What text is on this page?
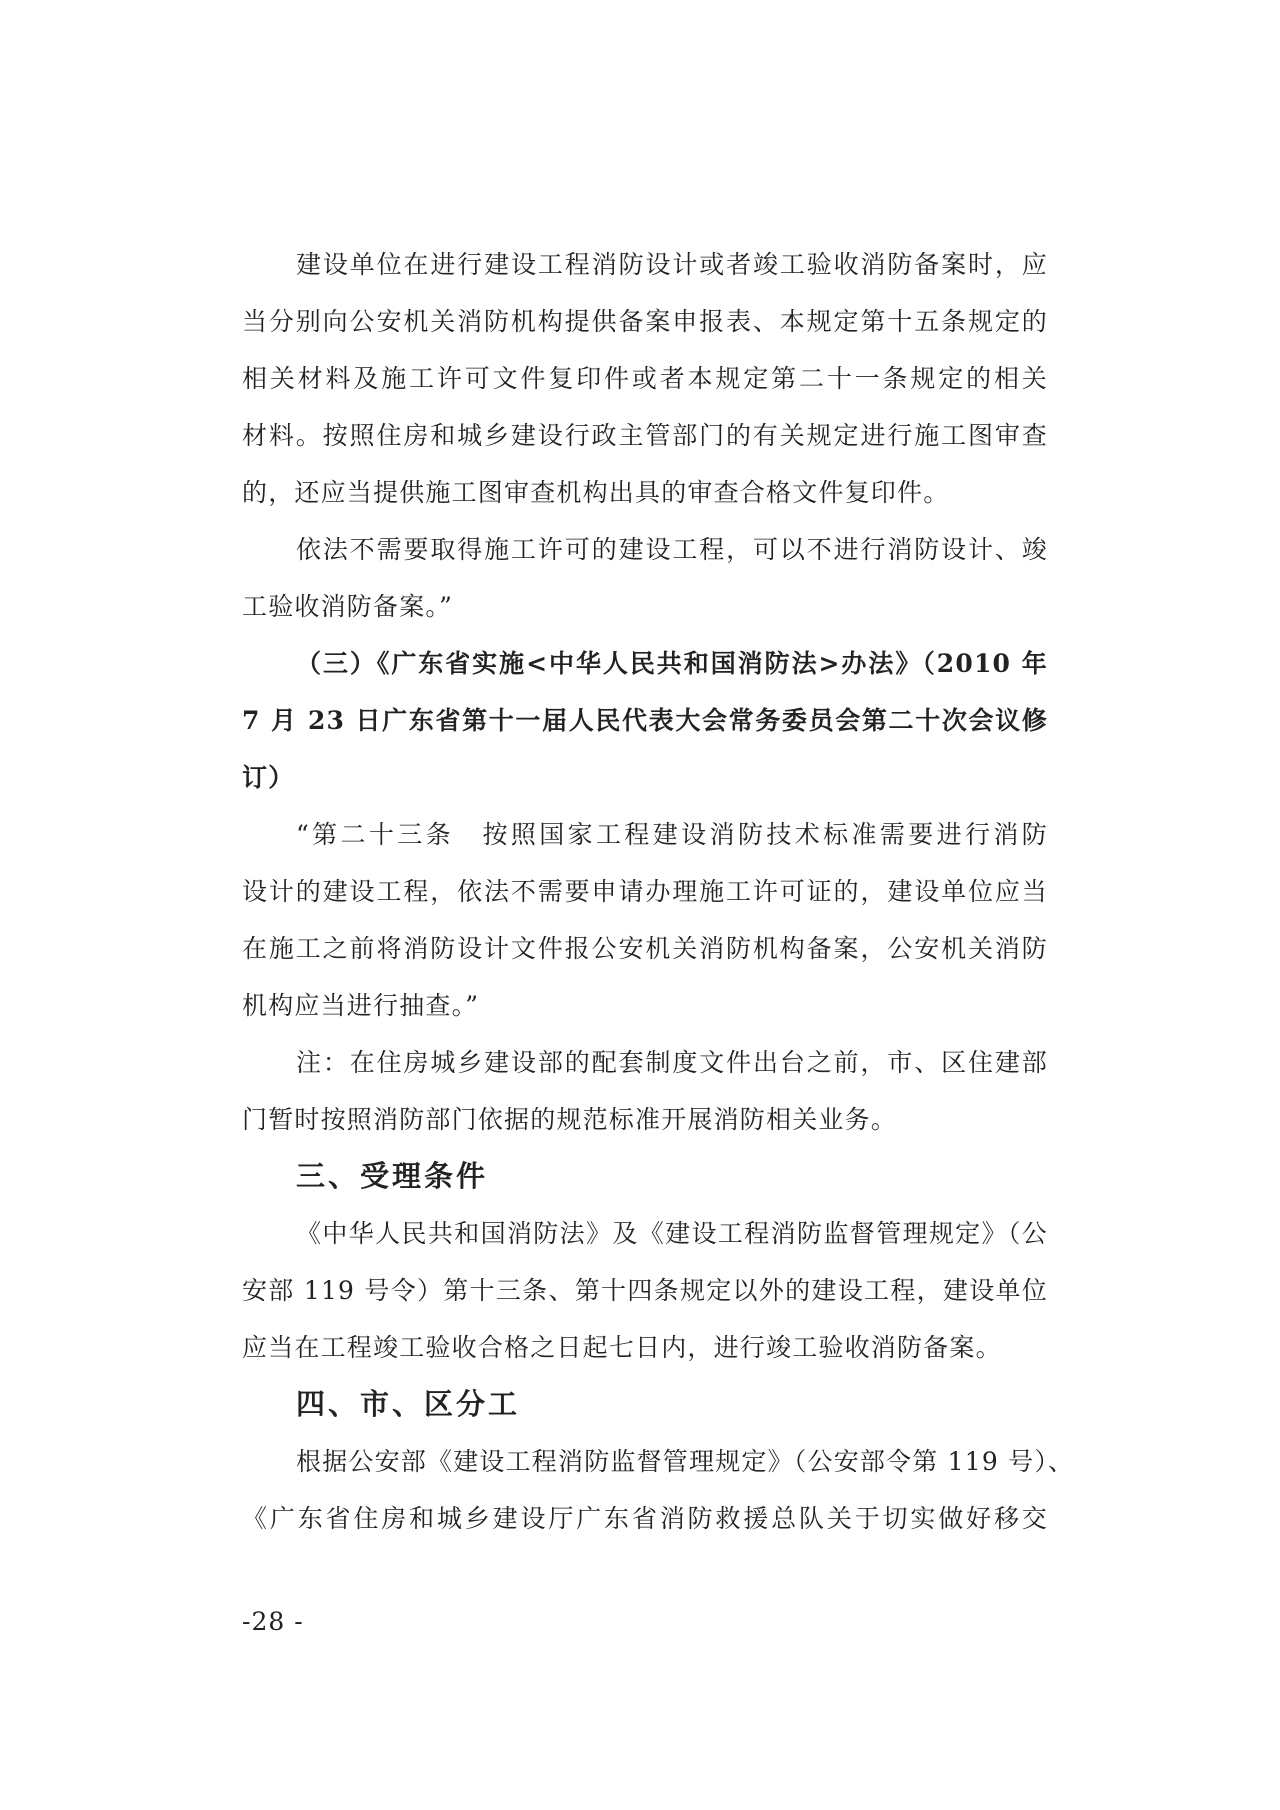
建设单位在进行建设工程消防设计或者竣工验收消防备案时，应
当分别向公安机关消防机构提供备案申报表、本规定第十五条规定的
相关材料及施工许可文件复印件或者本规定第二十一条规定的相关
材料。按照住房和城乡建设行政主管部门的有关规定进行施工图审查
的，还应当提供施工图审查机构出具的审查合格文件复印件。
依法不需要取得施工许可的建设工程，可以不进行消防设计、竣
工验收消防备案。”
（三）《广东省实施<中华人民共和国消防法>办法》（2010 年
7 月 23 日广东省第十一届人民代表大会常务委员会第二十次会议修
订）
“第二十三条　按照国家工程建设消防技术标准需要进行消防
设计的建设工程，依法不需要申请办理施工许可证的，建设单位应当
在施工之前将消防设计文件报公安机关消防机构备案，公安机关消防
机构应当进行抽查。”
注：在住房城乡建设部的配套制度文件出台之前，市、区住建部
门暂时按照消防部门依据的规范标准开展消防相关业务。
三、受理条件
《中华人民共和国消防法》及《建设工程消防监督管理规定》（公
安部 119 号令）第十三条、第十四条规定以外的建设工程，建设单位
应当在工程竣工验收合格之日起七日内，进行竣工验收消防备案。
四、市、区分工
根据公安部《建设工程消防监督管理规定》（公安部令第 119 号）、
《广东省住房和城乡建设厅广东省消防救援总队关于切实做好移交
-28 -
